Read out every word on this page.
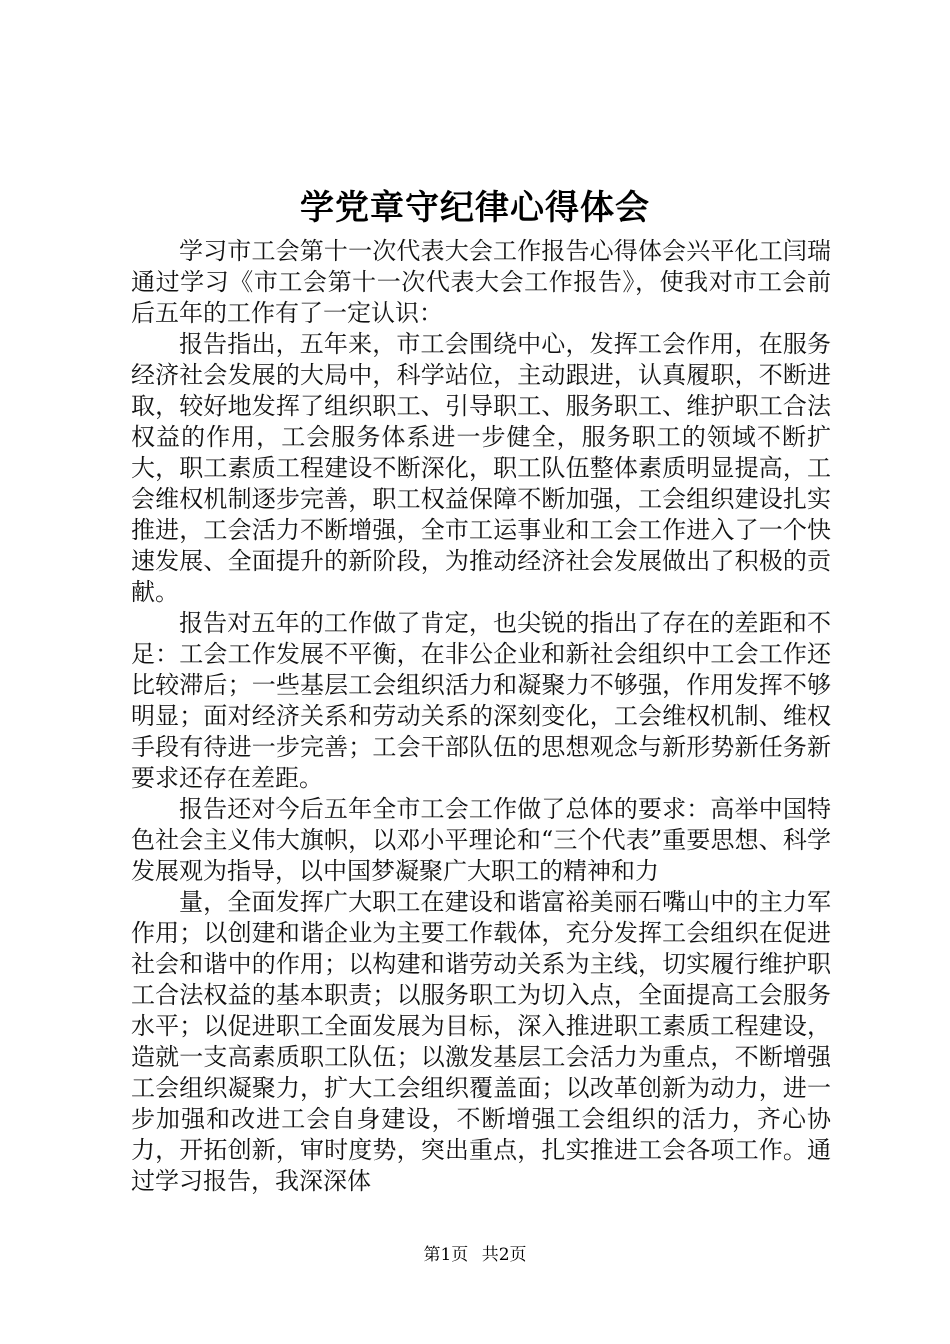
学党章守纪律心得体会

学习市工会第十一次代表大会工作报告心得体会兴平化工闫瑞通过学习《市工会第十一次代表大会工作报告》，使我对市工会前后五年的工作有了一定认识：

报告指出，五年来，市工会围绕中心，发挥工会作用，在服务经济社会发展的大局中，科学站位，主动跟进，认真履职，不断进取，较好地发挥了组织职工、引导职工、服务职工、维护职工合法权益的作用，工会服务体系进一步健全，服务职工的领域不断扩大，职工素质工程建设不断深化，职工队伍整体素质明显提高，工会维权机制逐步完善，职工权益保障不断加强，工会组织建设扎实推进，工会活力不断增强，全市工运事业和工会工作进入了一个快速发展、全面提升的新阶段，为推动经济社会发展做出了积极的贡献。

报告对五年的工作做了肯定，也尖锐的指出了存在的差距和不足：工会工作发展不平衡，在非公企业和新社会组织中工会工作还比较滞后；一些基层工会组织活力和凝聚力不够强，作用发挥不够明显；面对经济关系和劳动关系的深刻变化，工会维权机制、维权手段有待进一步完善；工会干部队伍的思想观念与新形势新任务新要求还存在差距。

报告还对今后五年全市工会工作做了总体的要求：高举中国特色社会主义伟大旗帜，以邓小平理论和“三个代表”重要思想、科学发展观为指导，以中国梦凝聚广大职工的精神和力

量，全面发挥广大职工在建设和谐富裕美丽石嘴山中的主力军作用；以创建和谐企业为主要工作载体，充分发挥工会组织在促进社会和谐中的作用；以构建和谐劳动关系为主线，切实履行维护职工合法权益的基本职责；以服务职工为切入点，全面提高工会服务水平；以促进职工全面发展为目标，深入推进职工素质工程建设，造就一支高素质职工队伍；以激发基层工会活力为重点，不断增强工会组织凝聚力，扩大工会组织覆盖面；以改革创新为动力，进一步加强和改进工会自身建设，不断增强工会组织的活力，齐心协力，开拓创新，审时度势，突出重点，扎实推进工会各项工作。通过学习报告，我深深体

第1页 共2页
